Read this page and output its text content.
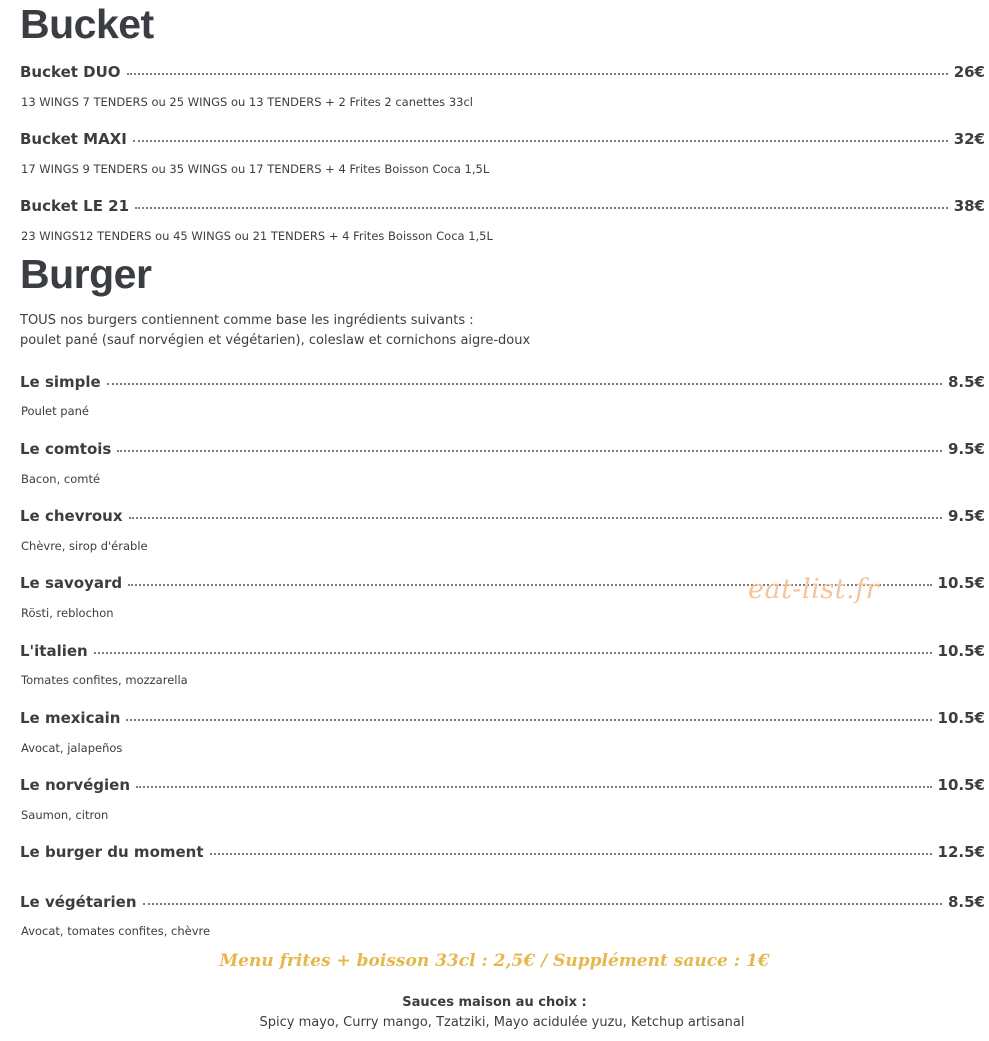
Bucket
Bucket DUO	26€

13 WINGS 7 TENDERS ou 25 WINGS ou 13 TENDERS + 2 Frites 2 canettes 33cl

Bucket MAXI	32€

17 WINGS 9 TENDERS ou 35 WINGS ou 17 TENDERS + 4 Frites Boisson Coca 1,5L

Bucket LE 21	38€

23 WINGS12 TENDERS ou 45 WINGS ou 21 TENDERS + 4 Frites Boisson Coca 1,5L

Burger

TOUS nos burgers contiennent comme base les ingrédients suivants :
poulet pané (sauf norvégien et végétarien), coleslaw et cornichons aigre-doux

Le simple	8.5€

Poulet pané

Le comtois	9.5€

Bacon, comté

Le chevroux	9.5€

Chèvre, sirop d'érable

Le savoyard	10.5€

Rösti, reblochon

L'italien	10.5€

Tomates confites, mozzarella

Le mexicain	10.5€

Avocat, jalapeños

Le norvégien	10.5€

Saumon, citron

Le burger du moment	12.5€
Le végétarien	8.5€

Avocat, tomates confites, chèvre

eat-list.fr
Menu frites + boisson 33cl : 2,5€ / Supplément sauce : 1€
Sauces maison au choix :
Spicy mayo, Curry mango, Tzatziki, Mayo acidulée yuzu, Ketchup artisanal
